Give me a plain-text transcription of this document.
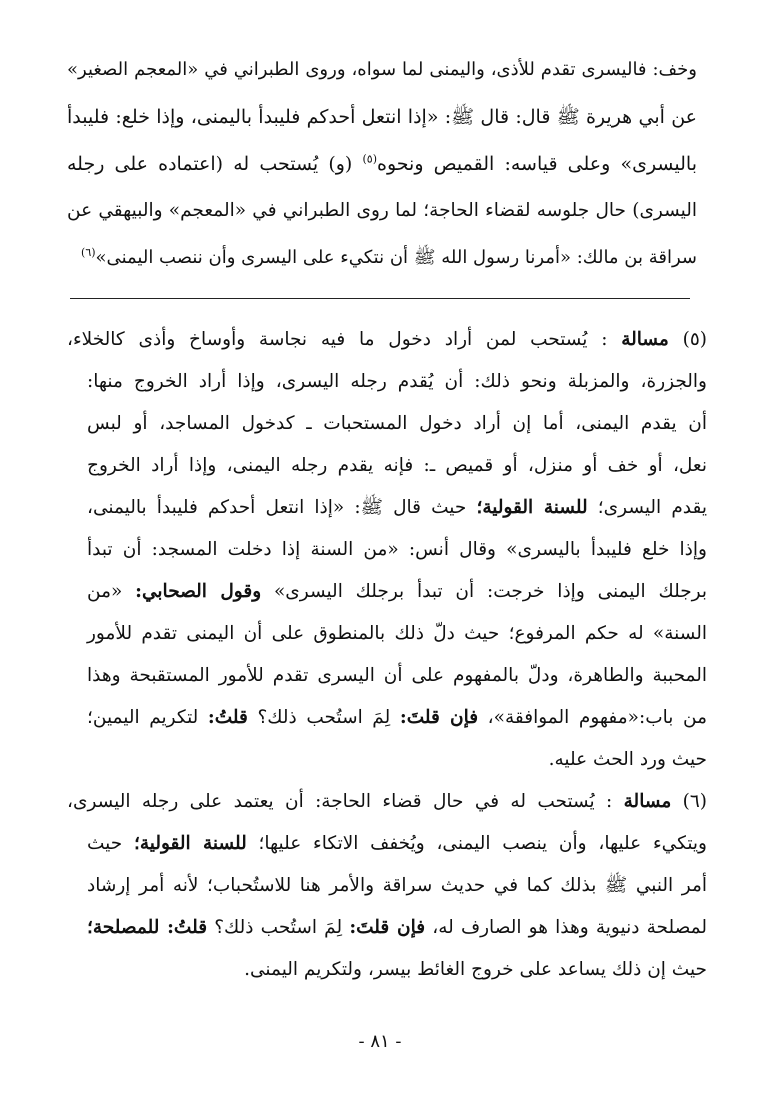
وخف: فاليسرى تقدم للأذى، واليمنى لما سواه، وروى الطبراني في «المعجم الصغير»
عن أبي هريرة ﷺ قال: قال ﷺ: «إذا انتعل أحدكم فليبدأ باليمنى، وإذا خلع: فليبدأ
باليسرى» وعلى قياسه: القميص ونحوه$^{(٥)}$ (و) يُستحب له (اعتماده على رجله
اليسرى) حال جلوسه لقضاء الحاجة؛ لما روى الطبراني في «المعجم» والبيهقي عن
سراقة بن مالك: «أمرنا رسول الله ﷺ أن نتكيء على اليسرى وأن ننصب اليمنى»$^{(٦)}$
(٥) مسالة : يُستحب لمن أراد دخول ما فيه نجاسة وأوساخ وأذى كالخلاء،
والجزرة، والمزبلة ونحو ذلك: أن يُقدم رجله اليسرى، وإذا أراد الخروج منها:
أن يقدم اليمنى، أما إن أراد دخول المستحبات ـ كدخول المساجد، أو لبس
نعل، أو خف أو منزل، أو قميص ـ: فإنه يقدم رجله اليمنى، وإذا أراد الخروج
يقدم اليسرى؛ للسنة القولية؛ حيث قال ﷺ: «إذا انتعل أحدكم فليبدأ باليمنى،
وإذا خلع فليبدأ باليسرى» وقال أنس: «من السنة إذا دخلت المسجد: أن تبدأ
برجلك اليمنى وإذا خرجت: أن تبدأ برجلك اليسرى» وقول الصحابي: «من
السنة» له حكم المرفوع؛ حيث دلّ ذلك بالمنطوق على أن اليمنى تقدم للأمور
المحببة والطاهرة، ودلّ بالمفهوم على أن اليسرى تقدم للأمور المستقبحة وهذا
من باب:«مفهوم الموافقة»، فإن قلتَ: لِمَ استُحب ذلك؟ قلتُ: لتكريم اليمين؛
حيث ورد الحث عليه.
(٦) مسالة : يُستحب له في حال قضاء الحاجة: أن يعتمد على رجله اليسرى،
ويتكيء عليها، وأن ينصب اليمنى، ويُخفف الاتكاء عليها؛ للسنة القولية؛ حيث
أمر النبي ﷺ بذلك كما في حديث سراقة والأمر هنا للاستُحباب؛ لأنه أمر إرشاد
لمصلحة دنيوية وهذا هو الصارف له، فإن قلتَ: لِمَ استُحب ذلك؟ قلتُ: للمصلحة؛
حيث إن ذلك يساعد على خروج الغائط بيسر، ولتكريم اليمنى.
- ٨١ -
